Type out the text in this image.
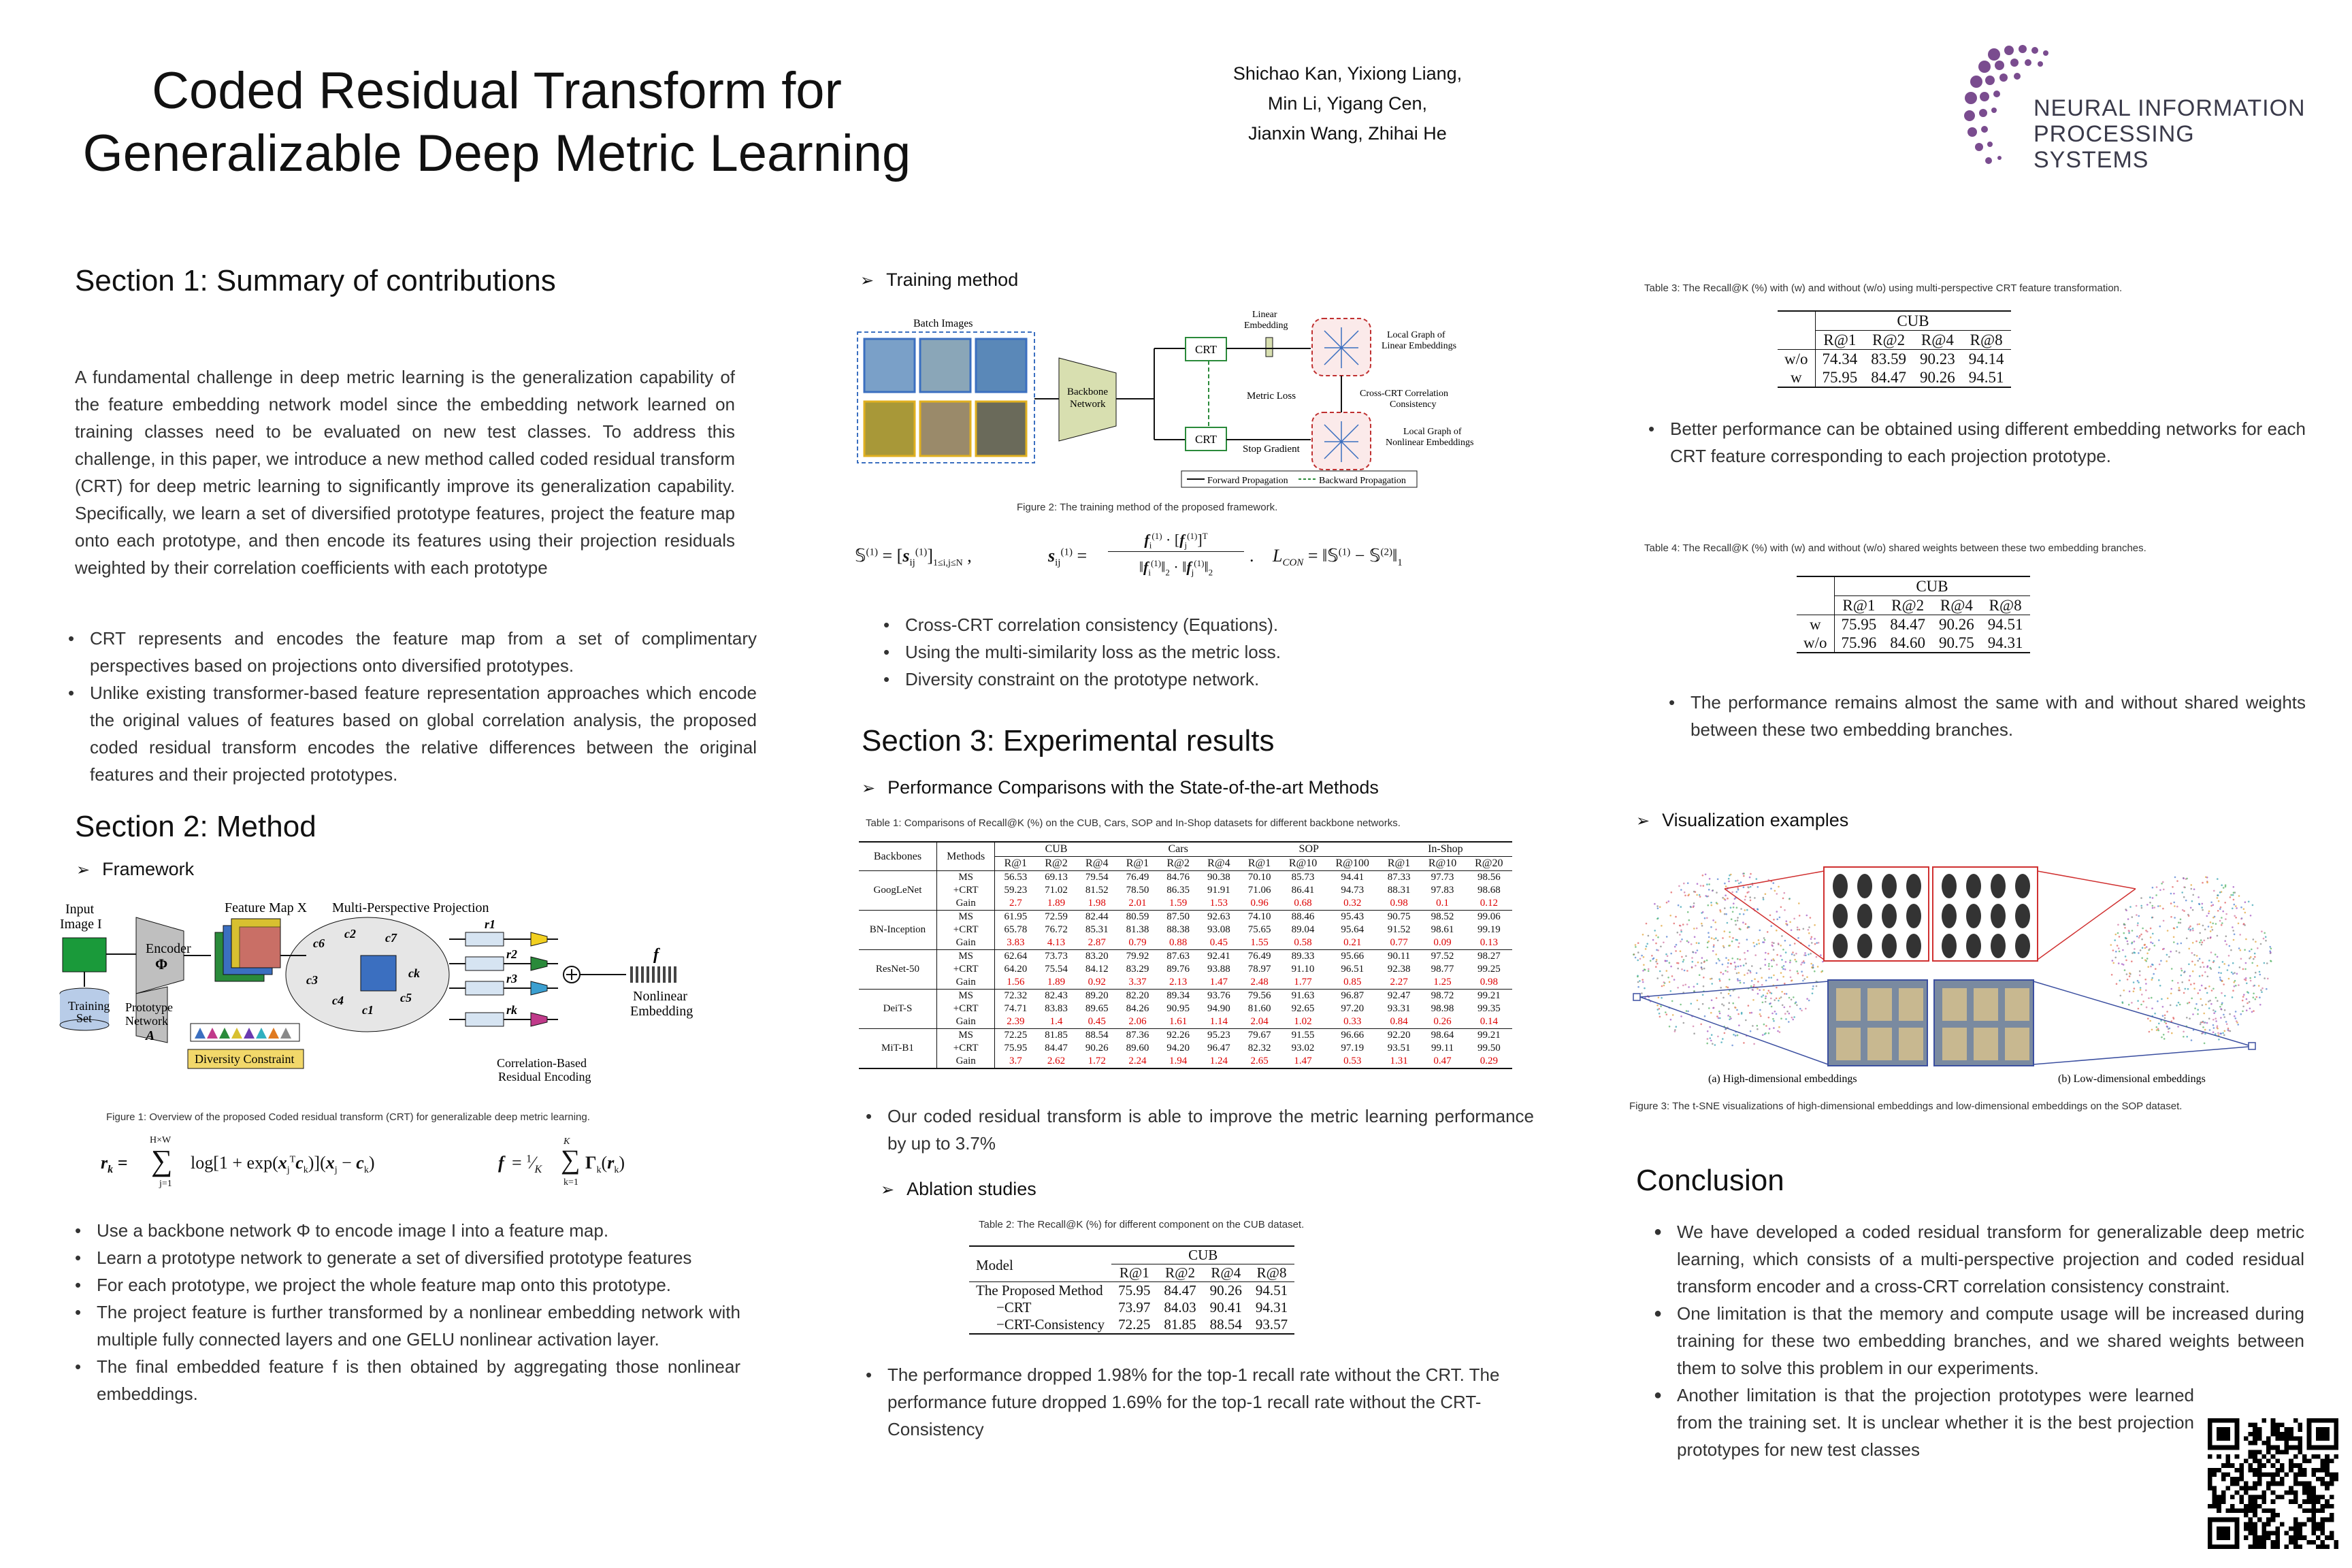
Coded Residual Transform for
Generalizable Deep Metric Learning
Shichao Kan, Yixiong Liang,
Min Li, Yigang Cen,
Jianxin Wang, Zhihai He
NEURAL INFORMATION
PROCESSING SYSTEMS
Section 1: Summary of contributions
A fundamental challenge in deep metric learning is the generalization capability of the feature embedding network model since the embedding network learned on training classes need to be evaluated on new test classes. To address this challenge, in this paper, we introduce a new method called coded residual transform (CRT) for deep metric learning to significantly improve its generalization capability. Specifically, we learn a set of diversified prototype features, project the feature map onto each prototype, and then encode its features using their projection residuals weighted by their correlation coefficients with each prototype
• CRT represents and encodes the feature map from a set of complimentary perspectives based on projections onto diversified prototypes.
• Unlike existing transformer-based feature representation approaches which encode the original values of features based on global correlation analysis, the proposed coded residual transform encodes the relative differences between the original features and their projected prototypes.
Section 2: Method
➢ Framework
Input
Image I
Training
Set
Encoder
Φ
Feature Map X Multi-Perspective Projection
c6
c2 c7
c3
c4
c1
ck
c5
Prototype
Network
A
Diversity Constraint
r1
r2
r3
rk
f
Nonlinear
Embedding
Correlation-Based
Residual Encoding
Figure 1: Overview of the proposed Coded residual transform (CRT) for generalizable deep metric learning.
$r_k$ =
H×W
∑
j=1
$\log[1 + \exp(x_j^Tc_k)](x_j - c_k)$	$f = ^1⁄_K$ ∑
K
k=1
$\Gamma_k(r_k)$
• Use a backbone network Φ to encode image I into a feature map.
• Learn a prototype network to generate a set of diversified prototype features
• For each prototype, we project the whole feature map onto this prototype.
• The project feature is further transformed by a nonlinear embedding network with multiple fully connected layers and one GELU nonlinear activation layer.
• The final embedded feature f is then obtained by aggregating those nonlinear embeddings.
➢ Training method
Batch Images
Backbone
Network
CRT
CRT
Linear
Embedding
Metric Loss
Stop Gradient
Local Graph of
Linear Embeddings
Cross-CRT Correlation
Consistency
Local Graph of
Nonlinear Embeddings
Forward Propagation	Backward Propagation
Figure 2: The training method of the proposed framework.
𝕊$^{(1)}$ = $[s_{ij}^{(1)}]_{1\le i,j\le N}$ ,	$s_{ij}^{(1)}$ =
$f_i^{(1)} \cdot [f_j^{(1)}]^T$
$‖f_i^{(1)}‖_2$ · $‖f_j^{(1)}‖_2$
. $L_{CON}$ = ‖𝕊$^{(1)}$ − $𝕊^{(2)}‖_1$
• Cross-CRT correlation consistency (Equations).
• Using the multi-similarity loss as the metric loss.
• Diversity constraint on the prototype network.
Section 3: Experimental results
➢ Performance Comparisons with the State-of-the-art Methods
Table 1: Comparisons of Recall@K (%) on the CUB, Cars, SOP and In-Shop datasets for different backbone networks.
Backbones	Methods	CUB			Cars			SOP			In-Shop		
		R@1	R@2	R@4	R@1	R@2	R@4	R@1	R@10	R@100	R@1	R@10	R@20
GoogLeNet	MS	56.53	69.13	79.54	76.49	84.76	90.38	70.10	85.73	94.41	87.33	97.73	98.56
	+CRT	59.23	71.02	81.52	78.50	86.35	91.91	71.06	86.41	94.73	88.31	97.83	98.68
	Gain	2.7	1.89	1.98	2.01	1.59	1.53	0.96	0.68	0.32	0.98	0.1	0.12
BN-Inception	MS	61.95	72.59	82.44	80.59	87.50	92.63	74.10	88.46	95.43	90.75	98.52	99.06
	+CRT	65.78	76.72	85.31	81.38	88.38	93.08	75.65	89.04	95.64	91.52	98.61	99.19
	Gain	3.83	4.13	2.87	0.79	0.88	0.45	1.55	0.58	0.21	0.77	0.09	0.13
ResNet-50	MS	62.64	73.73	83.20	79.92	87.63	92.41	76.49	89.33	95.66	90.11	97.52	98.27
	+CRT	64.20	75.54	84.12	83.29	89.76	93.88	78.97	91.10	96.51	92.38	98.77	99.25
	Gain	1.56	1.89	0.92	3.37	2.13	1.47	2.48	1.77	0.85	2.27	1.25	0.98
DeiT-S	MS	72.32	82.43	89.20	82.20	89.34	93.76	79.56	91.63	96.87	92.47	98.72	99.21
	+CRT	74.71	83.83	89.65	84.26	90.95	94.90	81.60	92.65	97.20	93.31	98.98	99.35
	Gain	2.39	1.4	0.45	2.06	1.61	1.14	2.04	1.02	0.33	0.84	0.26	0.14
MiT-B1	MS	72.25	81.85	88.54	87.36	92.26	95.23	79.67	91.55	96.66	92.20	98.64	99.21
	+CRT	75.95	84.47	90.26	89.60	94.20	96.47	82.32	93.02	97.19	93.51	99.11	99.50
	Gain	3.7	2.62	1.72	2.24	1.94	1.24	2.65	1.47	0.53	1.31	0.47	0.29
• Our coded residual transform is able to improve the metric learning performance by up to 3.7%
➢ Ablation studies
Table 2: The Recall@K (%) for different component on the CUB dataset.
Model	CUB			
	R@1	R@2	R@4	R@8
The Proposed Method	75.95	84.47	90.26	94.51
−CRT	73.97	84.03	90.41	94.31
−CRT-Consistency	72.25	81.85	88.54	93.57
• The performance dropped 1.98% for the top-1 recall rate without the CRT. The performance future dropped 1.69% for the top-1 recall rate without the CRT-Consistency
Table 3: The Recall@K (%) with (w) and without (w/o) using multi-perspective CRT feature transformation.
	CUB			
	R@1	R@2	R@4	R@8
w/o	74.34	83.59	90.23	94.14
w	75.95	84.47	90.26	94.51
• Better performance can be obtained using different embedding networks for each CRT feature corresponding to each projection prototype.
Table 4: The Recall@K (%) with (w) and without (w/o) shared weights between these two embedding branches.
	CUB			
	R@1	R@2	R@4	R@8
w	75.95	84.47	90.26	94.51
w/o	75.96	84.60	90.75	94.31
• The performance remains almost the same with and without shared weights between these two embedding branches.
➢ Visualization examples
(a) High-dimensional embeddings	(b) Low-dimensional embeddings
Figure 3: The t-SNE visualizations of high-dimensional embeddings and low-dimensional embeddings on the SOP dataset.
Conclusion
● We have developed a coded residual transform for generalizable deep metric learning, which consists of a multi-perspective projection and coded residual transform encoder and a cross-CRT correlation consistency constraint.
● One limitation is that the memory and compute usage will be increased during training for these two embedding branches, and we shared weights between them to solve this problem in our experiments.
● Another limitation is that the projection prototypes were learned from the training set. It is unclear whether it is the best projection prototypes for new test classes
